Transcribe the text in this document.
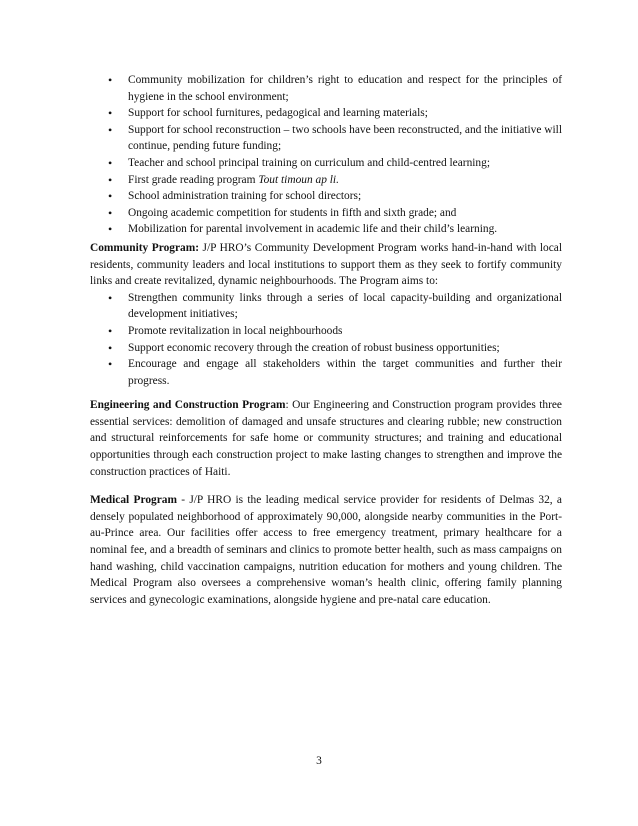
• Community mobilization for children’s right to education and respect for the principles of hygiene in the school environment;
• Support for school furnitures, pedagogical and learning materials;
• Support for school reconstruction – two schools have been reconstructed, and the initiative will continue, pending future funding;
• Teacher and school principal training on curriculum and child-centred learning;
• First grade reading program Tout timoun ap li.
• School administration training for school directors;
• Ongoing academic competition for students in fifth and sixth grade; and
• Mobilization for parental involvement in academic life and their child’s learning.

Community Program: J/P HRO’s Community Development Program works hand-in-hand with local residents, community leaders and local institutions to support them as they seek to fortify community links and create revitalized, dynamic neighbourhoods. The Program aims to:

• Strengthen community links through a series of local capacity-building and organizational development initiatives;
• Promote revitalization in local neighbourhoods
• Support economic recovery through the creation of robust business opportunities;
• Encourage and engage all stakeholders within the target communities and further their progress.

Engineering and Construction Program: Our Engineering and Construction program provides three essential services: demolition of damaged and unsafe structures and clearing rubble; new construction and structural reinforcements for safe home or community structures; and training and educational opportunities through each construction project to make lasting changes to strengthen and improve the construction practices of Haiti.

Medical Program - J/P HRO is the leading medical service provider for residents of Delmas 32, a densely populated neighborhood of approximately 90,000, alongside nearby communities in the Port-au-Prince area. Our facilities offer access to free emergency treatment, primary healthcare for a nominal fee, and a breadth of seminars and clinics to promote better health, such as mass campaigns on hand washing, child vaccination campaigns, nutrition education for mothers and young children. The Medical Program also oversees a comprehensive woman’s health clinic, offering family planning services and gynecologic examinations, alongside hygiene and pre-natal care education.

3
